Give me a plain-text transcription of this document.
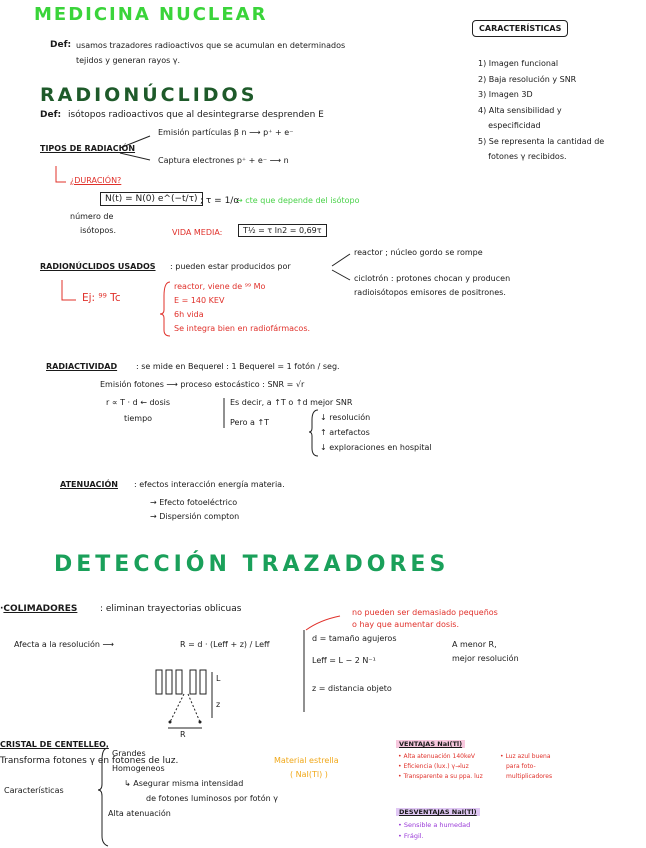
MEDICINA NUCLEAR
Def: usamos trazadores radioactivos que se acumulan en determinados
tejidos y generan rayos γ.
CARACTERÍSTICAS
1) Imagen funcional
2) Baja resolución y SNR
3) Imagen 3D
4) Alta sensibilidad y
especificidad
5) Se representa la cantidad de
fotones γ recibidos.
RADIONÚCLIDOS
Def: isótopos radioactivos que al desintegrarse desprenden E
TIPOS DE RADIACIÓN
Emisión partículas β n ⟶ p⁺ + e⁻
Captura electrones p⁺ + e⁻ ⟶ n
¿DURACIÓN?
N(t) = N(0) e^(−t/τ) ; τ = 1/α
→ cte que depende del isótopo
número de
isótopos.	VIDA MEDIA:	T½ = τ ln2 = 0,69τ
RADIONÚCLIDOS USADOS : pueden estar producidos por
reactor ; núcleo gordo se rompe
ciclotrón : protones chocan y producen
radioisótopos emisores de positrones.
Ej: ⁹⁹ Tc
reactor, viene de ⁹⁹ Mo
E = 140 KEV
6h vida
Se integra bien en radiofármacos.
RADIACTIVIDAD : se mide en Bequerel : 1 Bequerel = 1 fotón / seg.
Emisión fotones ⟶ proceso estocástico : SNR = √r
r ∝ T · d ← dosis
tiempo
Es decir, a ↑T o ↑d mejor SNR
Pero a ↑T
↓ resolución
↑ artefactos
↓ exploraciones en hospital
ATENUACIÓN : efectos interacción energía materia.
→ Efecto fotoeléctrico
→ Dispersión compton
DETECCIÓN TRAZADORES
·COLIMADORES	: eliminan trayectorias oblicuas	no pueden ser demasiado pequeños
o hay que aumentar dosis.
Afecta a la resolución ⟶	R = d · (Leff + z) / Leff
d = tamaño agujeros
Leff = L − 2 N⁻¹
z = distancia objeto
A menor R,
mejor resolución
L
z
R
CRISTAL DE CENTELLEO.
Transforma fotones γ en fotones de luz.	Material estrella
( NaI(Tl) )
Características
Grandes
Homogeneos
↳ Asegurar misma intensidad
de fotones luminosos por fotón γ
Alta atenuación
VENTAJAS NaI(Tl)
• Alta atenuación 140keV
• Eficiencia (lux.) γ→luz
• Transparente a su ppa. luz
• Luz azul buena
para foto-
multiplicadores
DESVENTAJAS NaI(Tl)
• Sensible a humedad
• Frágil.
